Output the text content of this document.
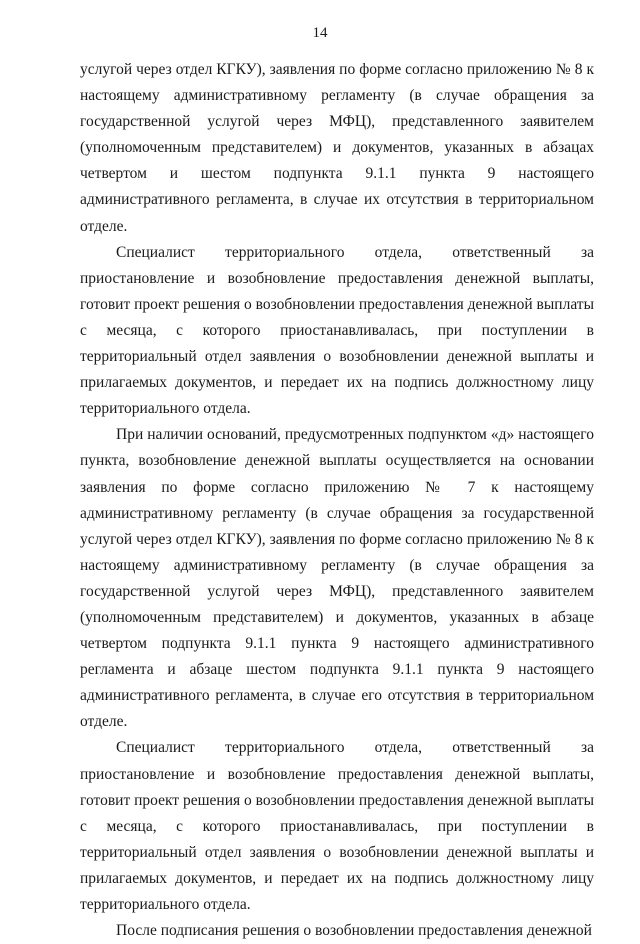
14

услугой через отдел КГКУ), заявления по форме согласно приложению № 8 к настоящему административному регламенту (в случае обращения за государственной услугой через МФЦ), представленного заявителем (уполномоченным представителем) и документов, указанных в абзацах четвертом и шестом подпункта 9.1.1 пункта 9 настоящего административного регламента, в случае их отсутствия в территориальном отделе.

Специалист территориального отдела, ответственный за приостановление и возобновление предоставления денежной выплаты, готовит проект решения о возобновлении предоставления денежной выплаты с месяца, с которого приостанавливалась, при поступлении в территориальный отдел заявления о возобновлении денежной выплаты и прилагаемых документов, и передает их на подпись должностному лицу территориального отдела.

При наличии оснований, предусмотренных подпунктом «д» настоящего пункта, возобновление денежной выплаты осуществляется на основании заявления по форме согласно приложению № 7 к настоящему административному регламенту (в случае обращения за государственной услугой через отдел КГКУ), заявления по форме согласно приложению № 8 к настоящему административному регламенту (в случае обращения за государственной услугой через МФЦ), представленного заявителем (уполномоченным представителем) и документов, указанных в абзаце четвертом подпункта 9.1.1 пункта 9 настоящего административного регламента и абзаце шестом подпункта 9.1.1 пункта 9 настоящего административного регламента, в случае его отсутствия в территориальном отделе.

Специалист территориального отдела, ответственный за приостановление и возобновление предоставления денежной выплаты, готовит проект решения о возобновлении предоставления денежной выплаты с месяца, с которого приостанавливалась, при поступлении в территориальный отдел заявления о возобновлении денежной выплаты и прилагаемых документов, и передает их на подпись должностному лицу территориального отдела.

После подписания решения о возобновлении предоставления денежной
